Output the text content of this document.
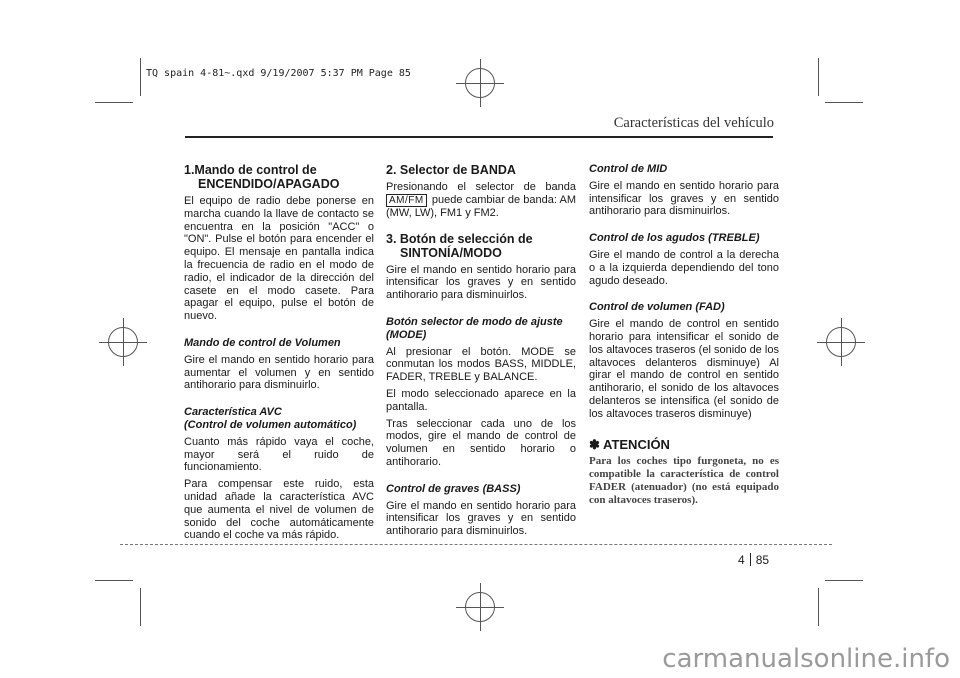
TQ spain 4-81~.qxd 9/19/2007 5:37 PM Page 85
Características del vehículo
1.Mando de control de
ENCENDIDO/APAGADO

El equipo de radio debe ponerse en marcha cuando la llave de contacto se encuentra en la posición "ACC" o "ON". Pulse el botón para encender el equipo. El mensaje en pantalla indica la frecuencia de radio en el modo de radio, el indicador de la dirección del casete en el modo casete. Para apagar el equipo, pulse el botón de nuevo.

Mando de control de Volumen

Gire el mando en sentido horario para aumentar el volumen y en sentido antihorario para disminuirlo.

Característica AVC
(Control de volumen automático)

Cuanto más rápido vaya el coche, mayor será el ruido de funcionamiento.

Para compensar este ruido, esta unidad añade la característica AVC que aumenta el nivel de volumen de sonido del coche automáticamente cuando el coche va más rápido.

2. Selector de BANDA

Presionando el selector de banda AM/FM puede cambiar de banda: AM (MW, LW), FM1 y FM2.

3. Botón de selección de
SINTONÍA/MODO

Gire el mando en sentido horario para intensificar los graves y en sentido antihorario para disminuirlos.

Botón selector de modo de ajuste
(MODE)

Al presionar el botón. MODE se conmutan los modos BASS, MIDDLE, FADER, TREBLE y BALANCE.

El modo seleccionado aparece en la pantalla.

Tras seleccionar cada uno de los modos, gire el mando de control de volumen en sentido horario o antihorario.

Control de graves (BASS)

Gire el mando en sentido horario para intensificar los graves y en sentido antihorario para disminuirlos.

Control de MID

Gire el mando en sentido horario para intensificar los graves y en sentido antihorario para disminuirlos.

Control de los agudos (TREBLE)

Gire el mando de control a la derecha o a la izquierda dependiendo del tono agudo deseado.

Control de volumen (FAD)

Gire el mando de control en sentido horario para intensificar el sonido de los altavoces traseros (el sonido de los altavoces delanteros disminuye) Al girar el mando de control en sentido antihorario, el sonido de los altavoces delanteros se intensifica (el sonido de los altavoces traseros disminuye)

✽ ATENCIÓN

Para los coches tipo furgoneta, no es compatible la característica de control FADER (atenuador) (no está equipado con altavoces traseros).

4 85
carmanualsonline.info
